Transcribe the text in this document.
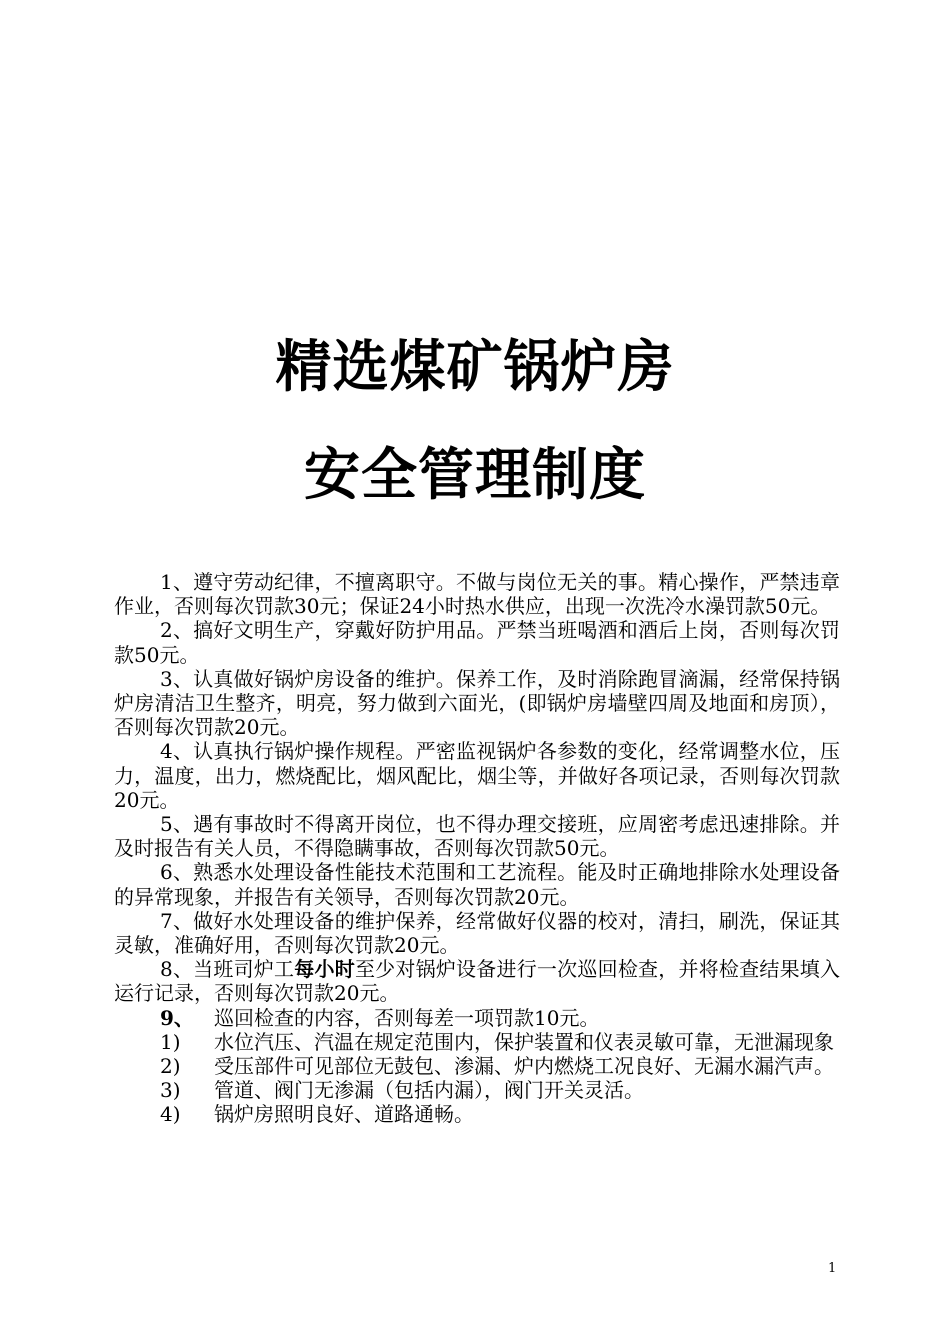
精选煤矿锅炉房
安全管理制度

1、遵守劳动纪律，不擅离职守。不做与岗位无关的事。精心操作，严禁违章作业，否则每次罚款30元；保证24小时热水供应，出现一次洗冷水澡罚款50元。

2、搞好文明生产，穿戴好防护用品。严禁当班喝酒和酒后上岗，否则每次罚款50元。

3、认真做好锅炉房设备的维护。保养工作，及时消除跑冒滴漏，经常保持锅炉房清洁卫生整齐，明亮，努力做到六面光，(即锅炉房墙壁四周及地面和房顶），否则每次罚款20元。

4、认真执行锅炉操作规程。严密监视锅炉各参数的变化，经常调整水位，压力，温度，出力，燃烧配比，烟风配比，烟尘等，并做好各项记录，否则每次罚款20元。

5、遇有事故时不得离开岗位，也不得办理交接班，应周密考虑迅速排除。并及时报告有关人员，不得隐瞒事故，否则每次罚款50元。

6、熟悉水处理设备性能技术范围和工艺流程。能及时正确地排除水处理设备的异常现象，并报告有关领导，否则每次罚款20元。

7、做好水处理设备的维护保养，经常做好仪器的校对，清扫，刷洗，保证其灵敏，准确好用，否则每次罚款20元。

8、当班司炉工每小时至少对锅炉设备进行一次巡回检查，并将检查结果填入运行记录，否则每次罚款20元。

9、 巡回检查的内容，否则每差一项罚款10元。

1) 水位汽压、汽温在规定范围内，保护装置和仪表灵敏可靠，无泄漏现象

2) 受压部件可见部位无鼓包、渗漏、炉内燃烧工况良好、无漏水漏汽声。

3) 管道、阀门无渗漏（包括内漏），阀门开关灵活。

4) 锅炉房照明良好、道路通畅。

1
